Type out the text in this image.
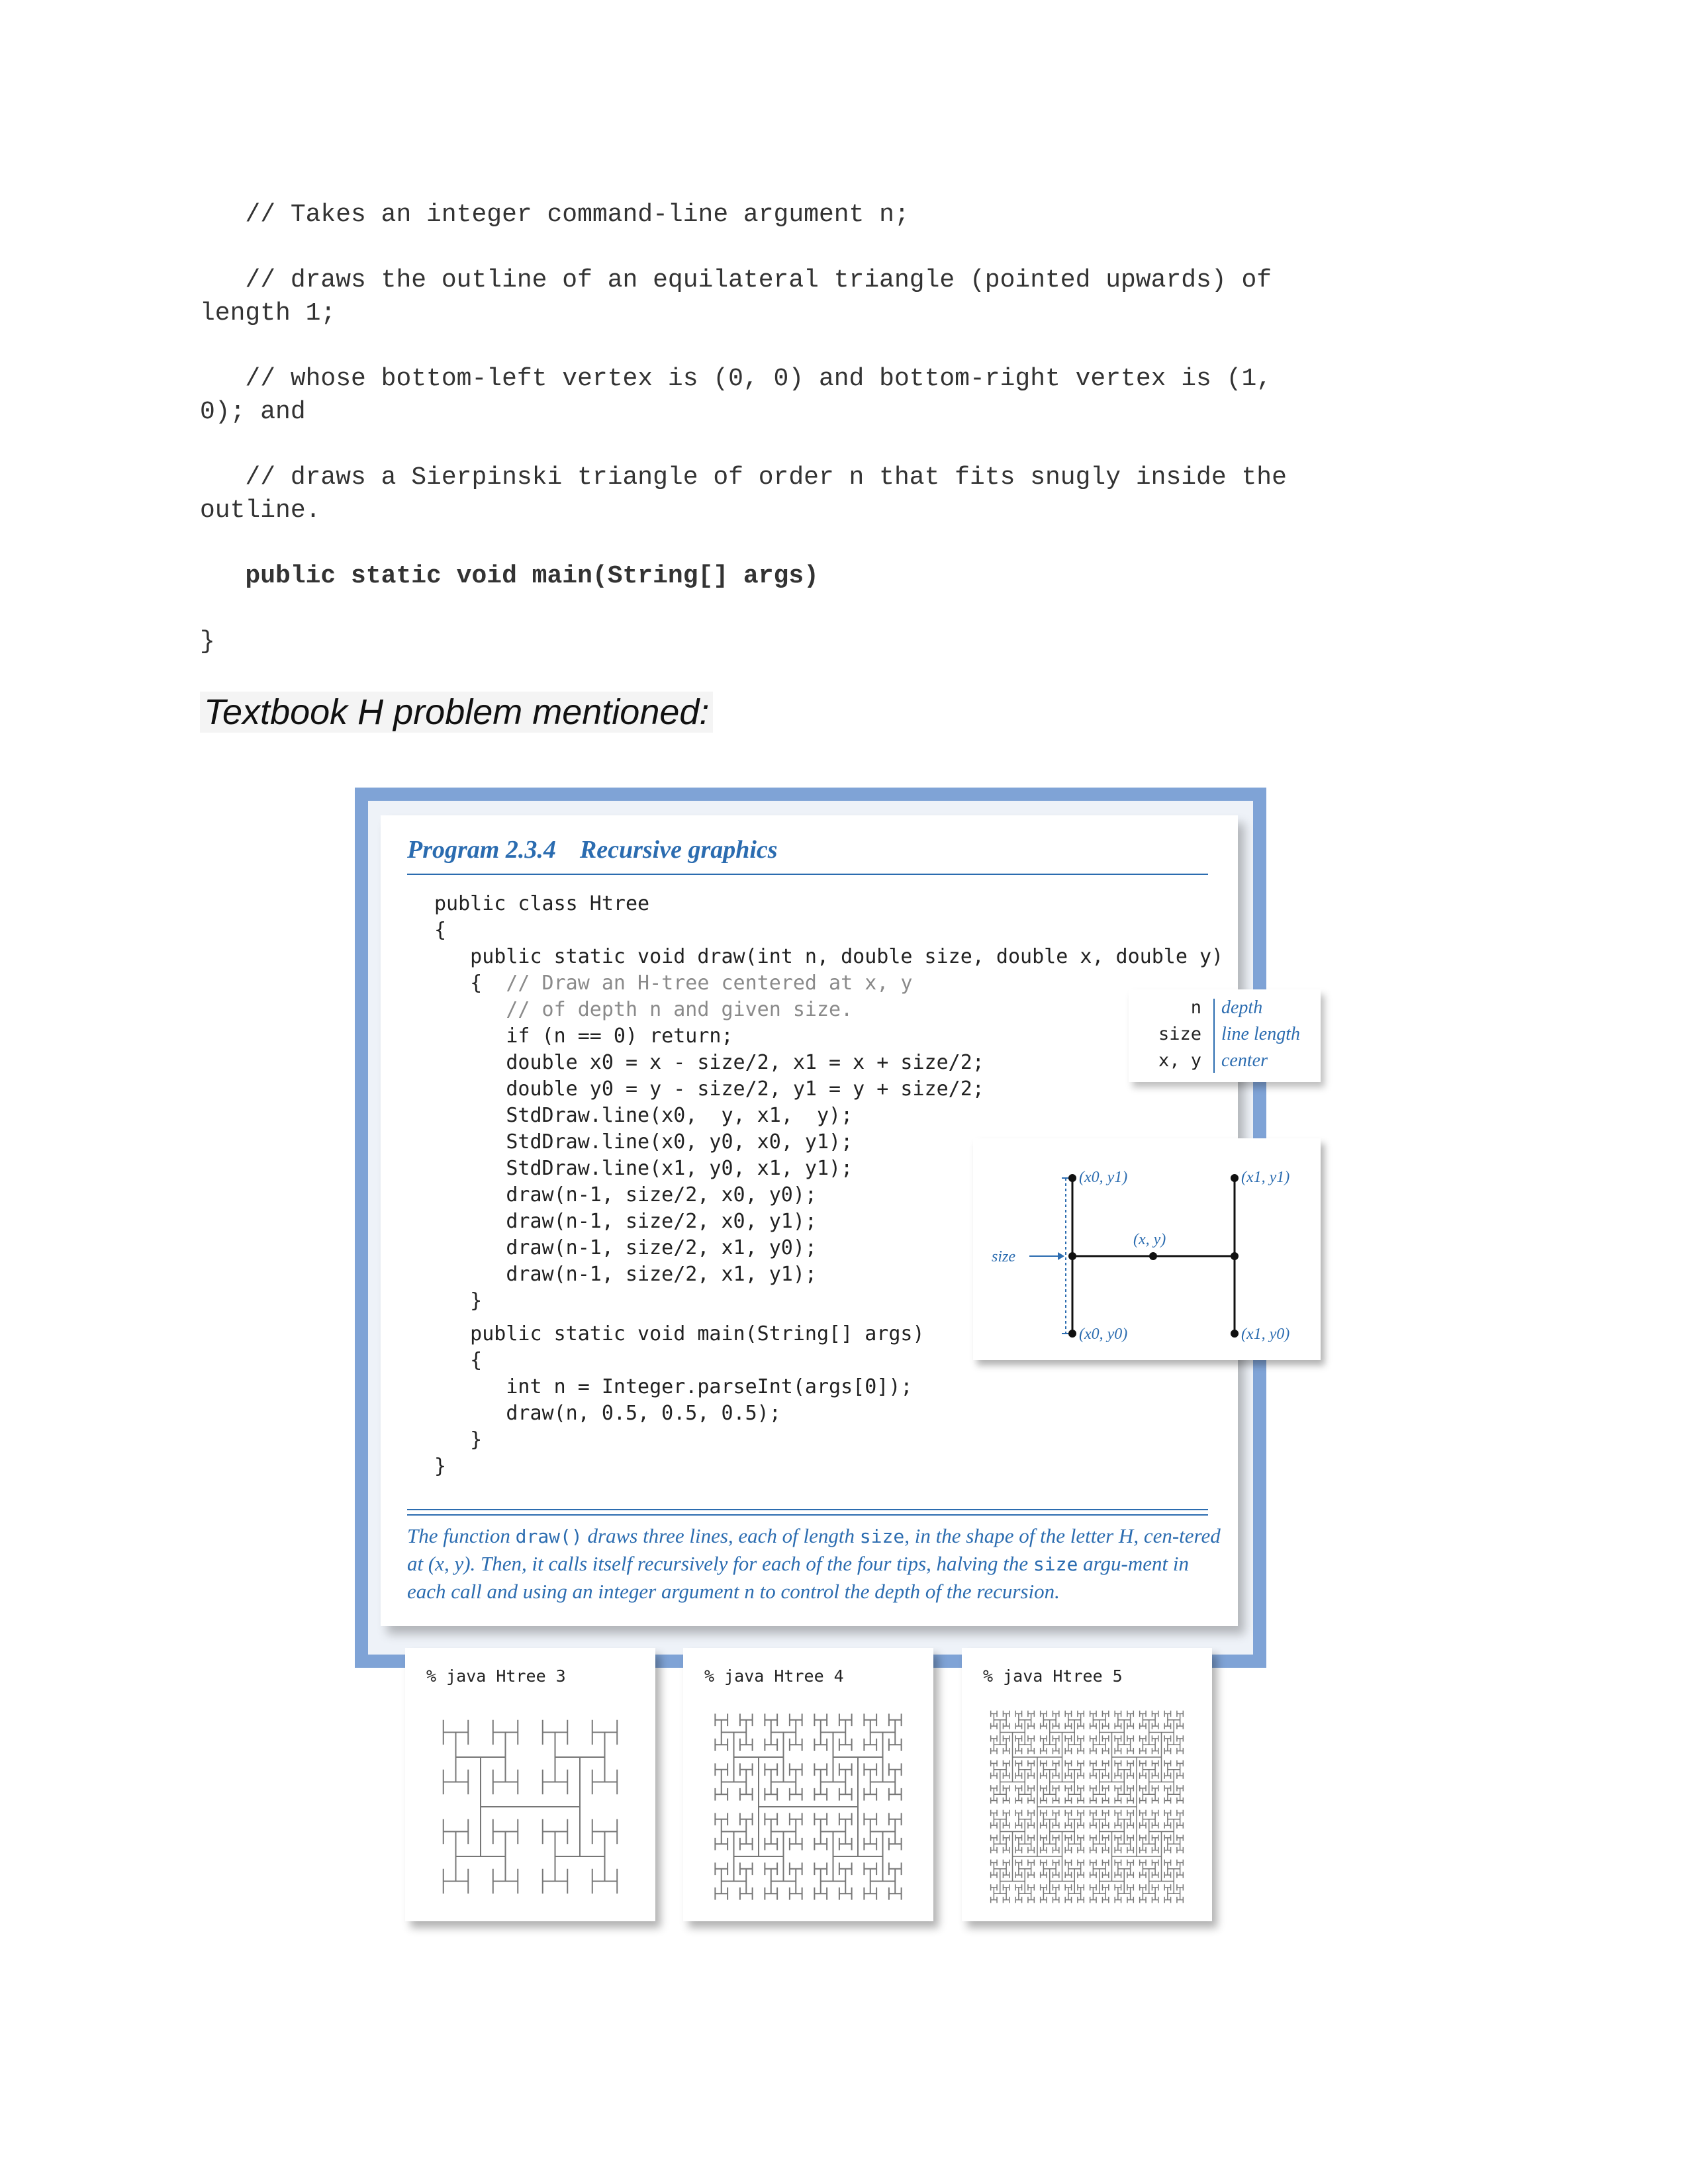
// Takes an integer command-line argument n;
// draws the outline of an equilateral triangle (pointed upwards) of
length 1;
// whose bottom-left vertex is (0, 0) and bottom-right vertex is (1,
0); and
// draws a Sierpinski triangle of order n that fits snugly inside the
outline.
public static void main(String[] args)
}
Textbook H problem mentioned:
Program 2.3.4 Recursive graphics
public class Htree
{
public static void draw(int n, double size, double x, double y)
{  // Draw an H-tree centered at x, y
// of depth n and given size.
if (n == 0) return;
double x0 = x - size/2, x1 = x + size/2;
double y0 = y - size/2, y1 = y + size/2;
StdDraw.line(x0,  y, x1,  y);
StdDraw.line(x0, y0, x0, y1);
StdDraw.line(x1, y0, x1, y1);
draw(n-1, size/2, x0, y0);
draw(n-1, size/2, x0, y1);
draw(n-1, size/2, x1, y0);
draw(n-1, size/2, x1, y1);
}

public static void main(String[] args)
{
int n = Integer.parseInt(args[0]);
draw(n, 0.5, 0.5, 0.5);
}
}
n depth
size line length
x, y center
(x0, y1)	(x1, y1)
(x, y)
size
(x0, y0)	(x1, y0)

The function draw() draws three lines, each of length size, in the shape of the letter H, cen-tered at (x, y). Then, it calls itself recursively for each of the four tips, halving the size argu-ment in each call and using an integer argument n to control the depth of the recursion.

% java Htree 3	% java Htree 4	% java Htree 5
